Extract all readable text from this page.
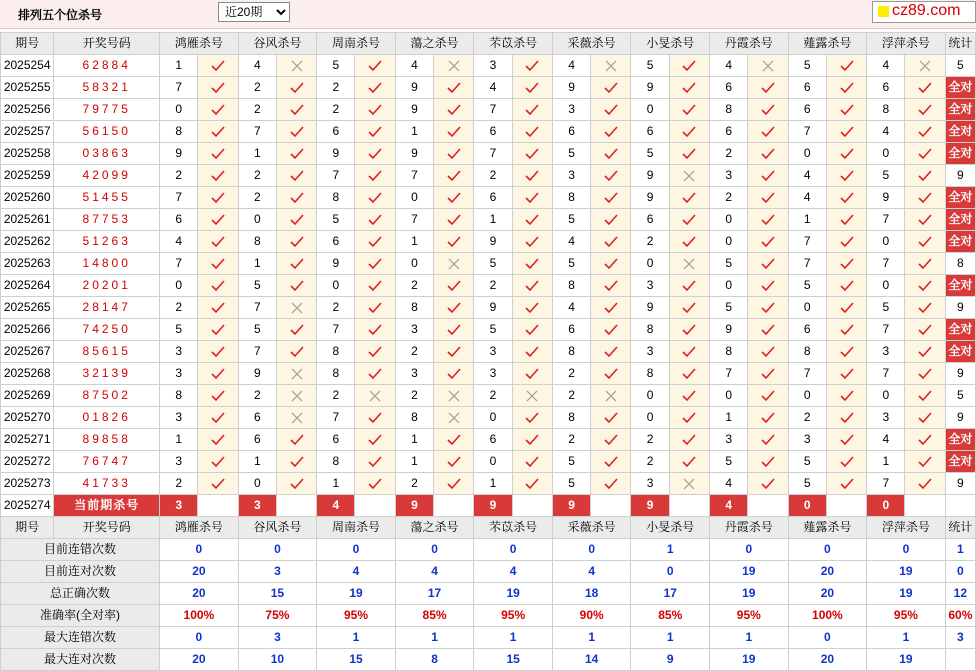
排列五个位杀号
近20期	cz89.com
期号	开奖号码	鸿雁杀号		谷风杀号		周南杀号		蕩之杀号		芣苡杀号		采薇杀号		小旻杀号		丹霞杀号		薤露杀号		浮萍杀号		统计
2025254	62884	1		4		5		4		3		4		5		4		5		4		5
2025255	58321	7		2		2		9		4		9		9		6		6		6		全对
2025256	79775	0		2		2		9		7		3		0		8		6		8		全对
2025257	56150	8		7		6		1		6		6		6		6		7		4		全对
2025258	03863	9		1		9		9		7		5		5		2		0		0		全对
2025259	42099	2		2		7		7		2		3		9		3		4		5		9
2025260	51455	7		2		8		0		6		8		9		2		4		9		全对
2025261	87753	6		0		5		7		1		5		6		0		1		7		全对
2025262	51263	4		8		6		1		9		4		2		0		7		0		全对
2025263	14800	7		1		9		0		5		5		0		5		7		7		8
2025264	20201	0		5		0		2		2		8		3		0		5		0		全对
2025265	28147	2		7		2		8		9		4		9		5		0		5		9
2025266	74250	5		5		7		3		5		6		8		9		6		7		全对
2025267	85615	3		7		8		2		3		8		3		8		8		3		全对
2025268	32139	3		9		8		3		3		2		8		7		7		7		9
2025269	87502	8		2		2		2		2		2		0		0		0		0		5
2025270	01826	3		6		7		8		0		8		0		1		2		3		9
2025271	89858	1		6		6		1		6		2		2		3		3		4		全对
2025272	76747	3		1		8		1		0		5		2		5		5		1		全对
2025273	41733	2		0		1		2		1		5		3		4		5		7		9
2025274	当前期杀号	3		3		4		9		9		9		9		4		0		0		
期号	开奖号码	鸿雁杀号		谷风杀号		周南杀号		蕩之杀号		芣苡杀号		采薇杀号		小旻杀号		丹霞杀号		薤露杀号		浮萍杀号		统计
目前连错次数		0		0		0		0		0		0		1		0		0		0		1
目前连对次数		20		3		4		4		4		4		0		19		20		19		0
总正确次数		20		15		19		17		19		18		17		19		20		19		12
准确率(全对率)		100%		75%		95%		85%		95%		90%		85%		95%		100%		95%		60%
最大连错次数		0		3		1		1		1		1		1		1		0		1		3
最大连对次数		20		10		15		8		15		14		9		19		20		19		
